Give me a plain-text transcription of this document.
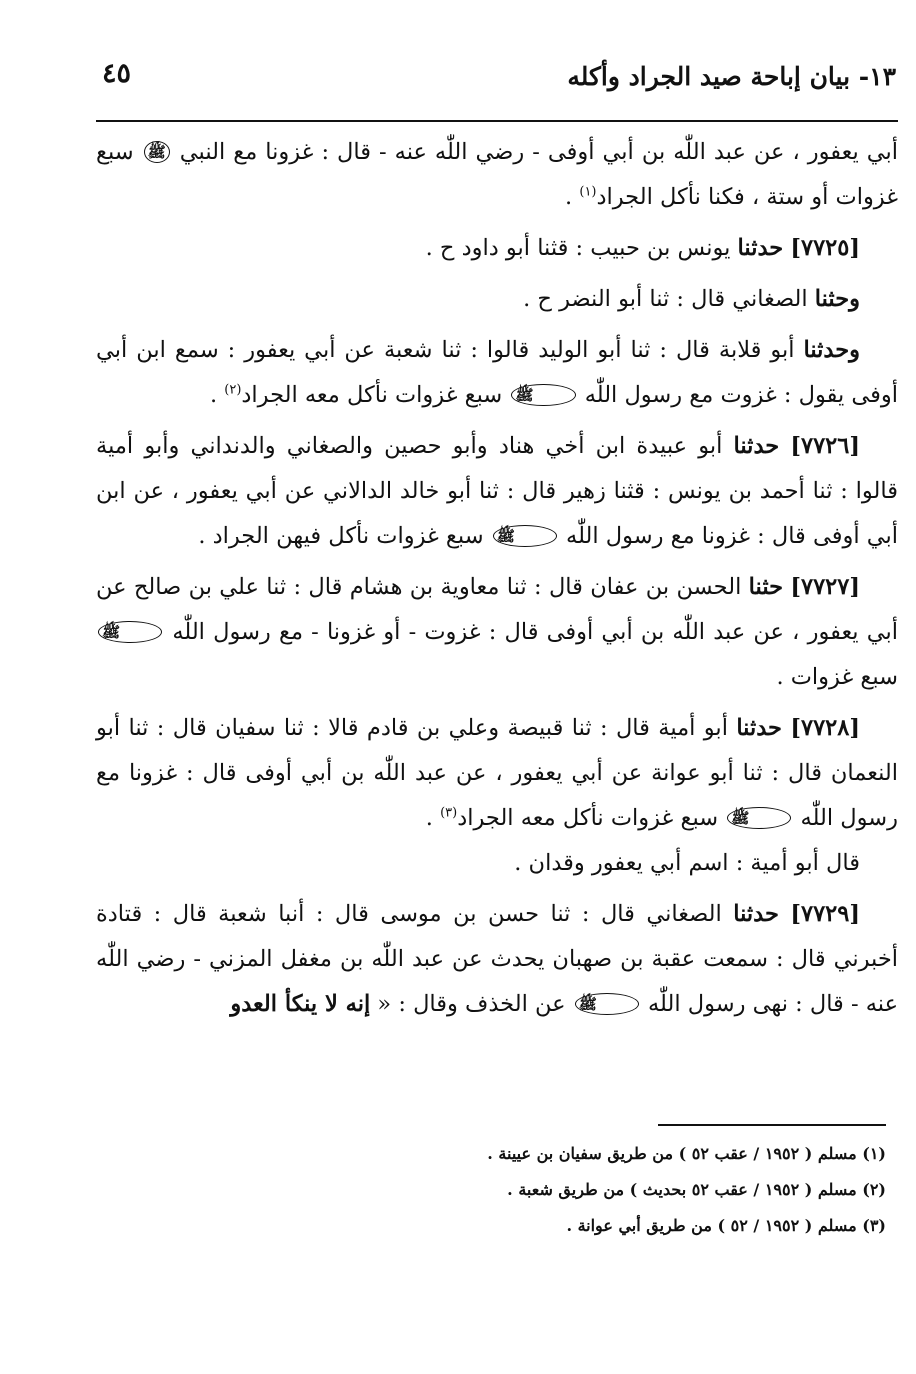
١٣- بيان إباحة صيد الجراد وأكله
٤٥

أبي يعفور ، عن عبد اللّٰه بن أبي أوفى - رضي اللّٰه عنه - قال : غزونا مع النبي ﷺ سبع غزوات أو ستة ، فكنا نأكل الجراد$^{(١)}$ .

[٧٧٢٥] حدثنا يونس بن حبيب : قثنا أبو داود ح .

وحثنا الصغاني قال : ثنا أبو النضر ح .

وحدثنا أبو قلابة قال : ثنا أبو الوليد قالوا : ثنا شعبة عن أبي يعفور : سمع ابن أبي أوفى يقول : غزوت مع رسول اللّٰه ﷺ سبع غزوات نأكل معه الجراد$^{(٢)}$ .

[٧٧٢٦] حدثنا أبو عبيدة ابن أخي هناد وأبو حصين والصغاني والدنداني وأبو أمية قالوا : ثنا أحمد بن يونس : قثنا زهير قال : ثنا أبو خالد الدالاني عن أبي يعفور ، عن ابن أبي أوفى قال : غزونا مع رسول اللّٰه ﷺ سبع غزوات نأكل فيهن الجراد .

[٧٧٢٧] حثنا الحسن بن عفان قال : ثنا معاوية بن هشام قال : ثنا علي بن صالح عن أبي يعفور ، عن عبد اللّٰه بن أبي أوفى قال : غزوت - أو غزونا - مع رسول اللّٰه ﷺ سبع غزوات .

[٧٧٢٨] حدثنا أبو أمية قال : ثنا قبيصة وعلي بن قادم قالا : ثنا سفيان قال : ثنا أبو النعمان قال : ثنا أبو عوانة عن أبي يعفور ، عن عبد اللّٰه بن أبي أوفى قال : غزونا مع رسول اللّٰه ﷺ سبع غزوات نأكل معه الجراد$^{(٣)}$ .

قال أبو أمية : اسم أبي يعفور وقدان .

[٧٧٢٩] حدثنا الصغاني قال : ثنا حسن بن موسى قال : أنبا شعبة قال : قتادة أخبرني قال : سمعت عقبة بن صهبان يحدث عن عبد اللّٰه بن مغفل المزني - رضي اللّٰه عنه - قال : نهى رسول اللّٰه ﷺ عن الخذف وقال : « إنه لا ينكأ العدو

(١) مسلم ( ١٩٥٢ / عقب ٥٢ ) من طريق سفيان بن عيينة .

(٢) مسلم ( ١٩٥٢ / عقب ٥٢ بحديث ) من طريق شعبة .

(٣) مسلم ( ١٩٥٢ / ٥٢ ) من طريق أبي عوانة .
